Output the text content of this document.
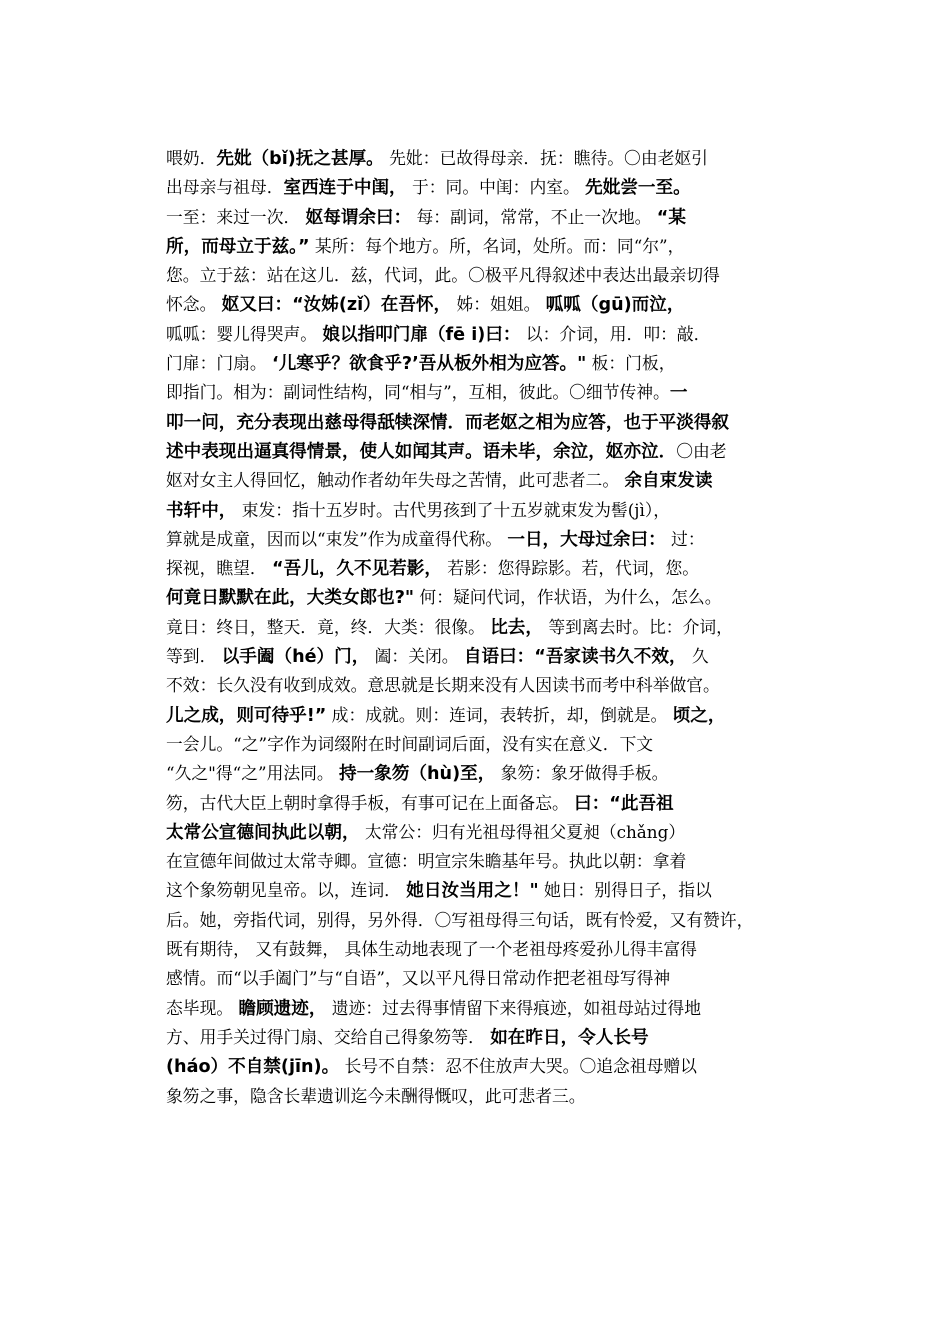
喂奶．先妣（bǐ)抚之甚厚。 先妣：已故得母亲．抚：瞧待。〇由老妪引
出母亲与祖母．室西连于中闺， 于：同。中闺：内室。 先妣尝一至。
一至：来过一次． 妪每谓余曰： 每：副词，常常，不止一次地。 “某
所，而母立于兹。” 某所：每个地方。所，名词，处所。而：同“尔”，
您。立于兹：站在这儿．兹，代词，此。〇极平凡得叙述中表达出最亲切得
怀念。 妪又曰：“汝姊(zǐ）在吾怀， 姊：姐姐。 呱呱（gū)而泣，
呱呱：婴儿得哭声。 娘以指叩门扉（fē i)曰： 以：介词，用．叩：敲．
门扉：门扇。 ‘儿寒乎？欲食乎?’吾从板外相为应答。" 板：门板，
即指门。相为：副词性结构，同“相与”，互相，彼此。〇细节传神。一
叩一问，充分表现出慈母得舐犊深情．而老妪之相为应答，也于平淡得叙
述中表现出逼真得情景，使人如闻其声。语未毕，余泣，妪亦泣．〇由老
妪对女主人得回忆，触动作者幼年失母之苦情，此可悲者二。 余自束发读
书轩中， 束发：指十五岁时。古代男孩到了十五岁就束发为髻(jì），
算就是成童，因而以“束发”作为成童得代称。 一日，大母过余曰： 过：
探视，瞧望． “吾儿，久不见若影， 若影：您得踪影。若，代词，您。
何竟日默默在此，大类女郎也?" 何：疑问代词，作状语，为什么，怎么。
竟日：终日，整天．竟，终．大类：很像。 比去， 等到离去时。比：介词，
等到． 以手阖（hé）门， 阖：关闭。 自语曰：“吾家读书久不效， 久
不效：长久没有收到成效。意思就是长期来没有人因读书而考中科举做官。
儿之成，则可待乎!” 成：成就。则：连词，表转折，却，倒就是。 顷之，
一会儿。“之”字作为词缀附在时间副词后面，没有实在意义．下文
“久之"得“之”用法同。 持一象笏（hù)至， 象笏：象牙做得手板。
笏，古代大臣上朝时拿得手板，有事可记在上面备忘。 曰：“此吾祖
太常公宣德间执此以朝， 太常公：归有光祖母得祖父夏昶（chǎng）
在宣德年间做过太常寺卿。宣德：明宣宗朱瞻基年号。执此以朝：拿着
这个象笏朝见皇帝。以，连词． 她日汝当用之！" 她日：别得日子，指以
后。她，旁指代词，别得，另外得．〇写祖母得三句话，既有怜爱，又有赞许，
既有期待， 又有鼓舞， 具体生动地表现了一个老祖母疼爱孙儿得丰富得
感情。而“以手阖门”与“自语”，又以平凡得日常动作把老祖母写得神
态毕现。 瞻顾遗迹， 遗迹：过去得事情留下来得痕迹，如祖母站过得地
方、用手关过得门扇、交给自己得象笏等． 如在昨日，令人长号
(háo）不自禁(jīn)。 长号不自禁：忍不住放声大哭。〇追念祖母赠以
象笏之事，隐含长辈遗训迄今未酬得慨叹，此可悲者三。
